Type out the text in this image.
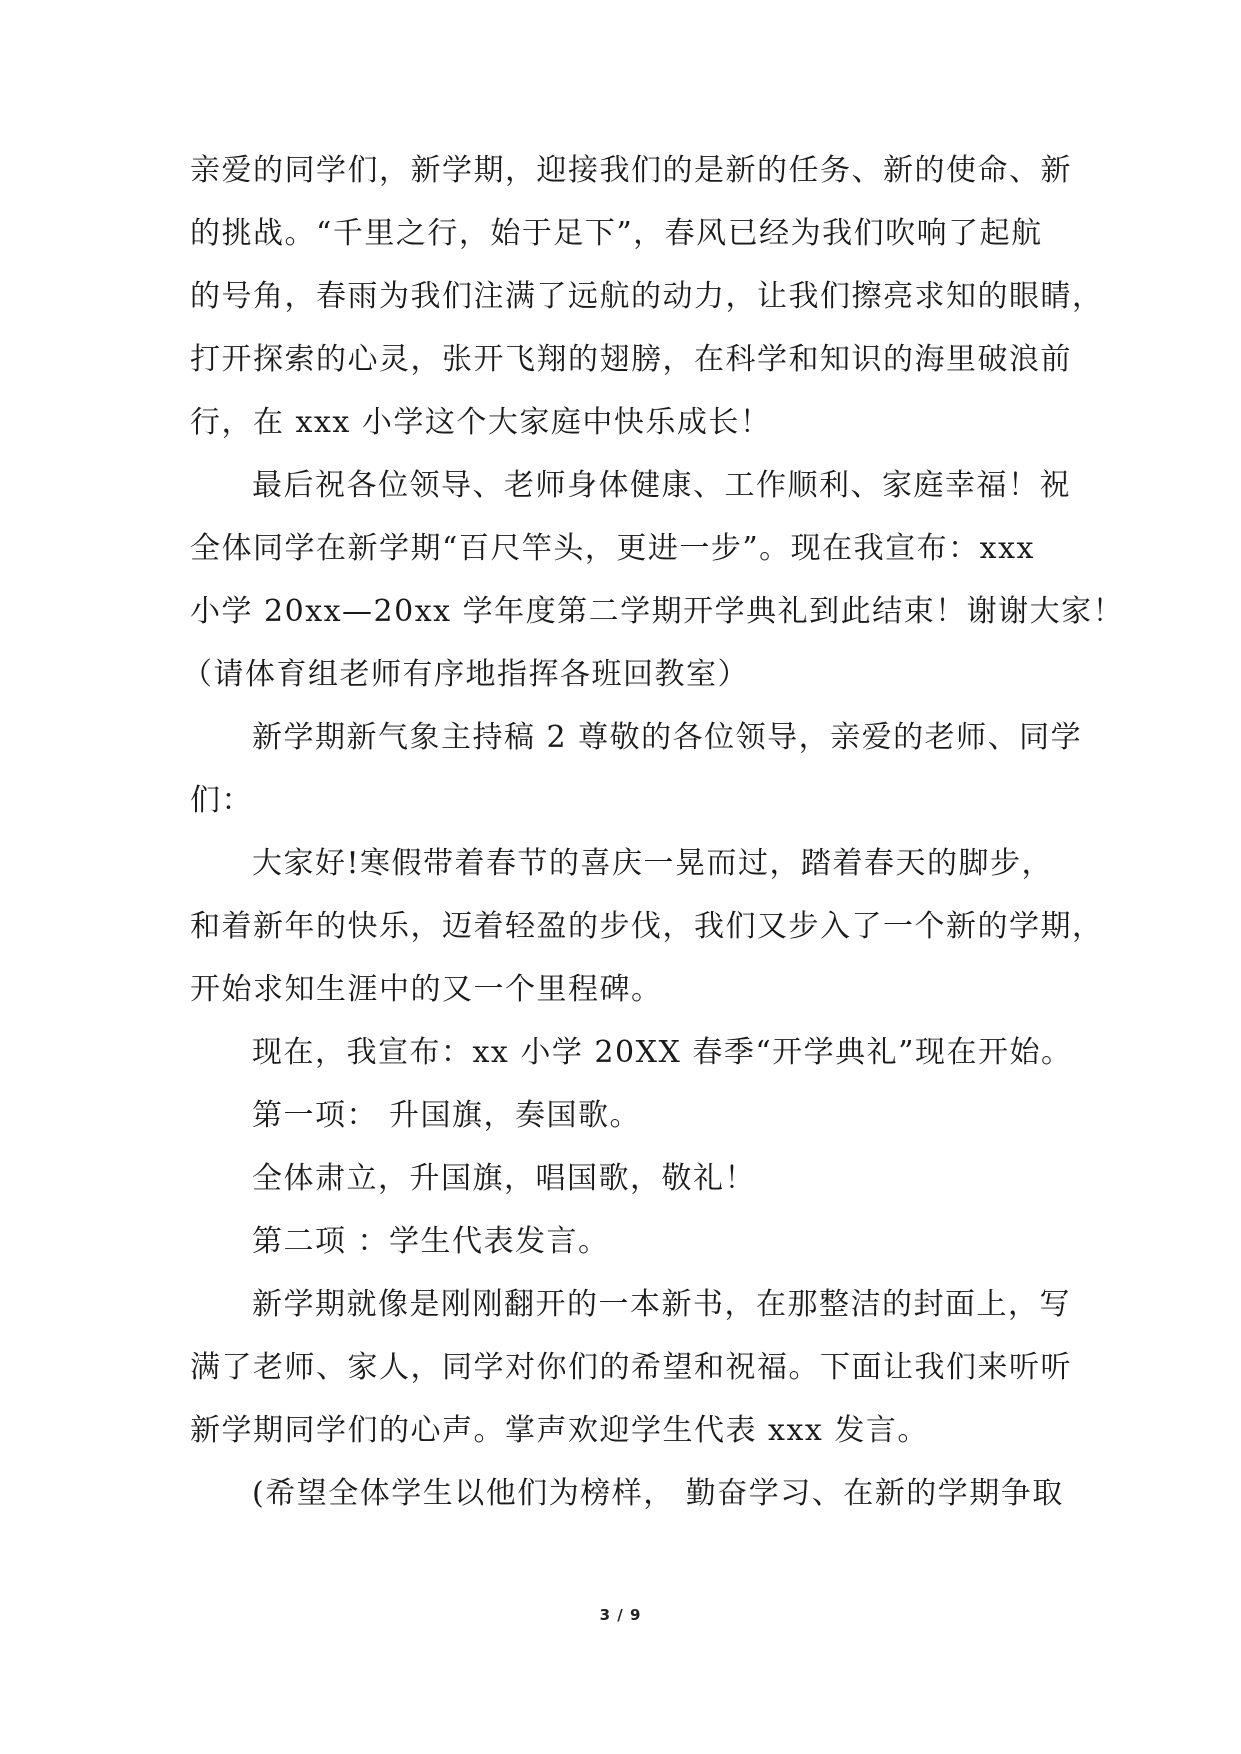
亲爱的同学们，新学期，迎接我们的是新的任务、新的使命、新
的挑战。“千里之行，始于足下”，春风已经为我们吹响了起航
的号角，春雨为我们注满了远航的动力，让我们擦亮求知的眼睛，
打开探索的心灵，张开飞翔的翅膀，在科学和知识的海里破浪前
行，在 xxx 小学这个大家庭中快乐成长！
最后祝各位领导、老师身体健康、工作顺利、家庭幸福！祝
全体同学在新学期“百尺竿头，更进一步”。现在我宣布：xxx
小学 20xx—20xx 学年度第二学期开学典礼到此结束！谢谢大家！
（请体育组老师有序地指挥各班回教室）
新学期新气象主持稿 2 尊敬的各位领导，亲爱的老师、同学
们：
大家好!寒假带着春节的喜庆一晃而过，踏着春天的脚步，
和着新年的快乐，迈着轻盈的步伐，我们又步入了一个新的学期，
开始求知生涯中的又一个里程碑。
现在，我宣布：xx 小学 20XX 春季“开学典礼”现在开始。
第一项： 升国旗，奏国歌。
全体肃立，升国旗，唱国歌，敬礼！
第二项 ：学生代表发言。
新学期就像是刚刚翻开的一本新书，在那整洁的封面上，写
满了老师、家人，同学对你们的希望和祝福。下面让我们来听听
新学期同学们的心声。掌声欢迎学生代表 xxx 发言。
(希望全体学生以他们为榜样， 勤奋学习、在新的学期争取
3 / 9
